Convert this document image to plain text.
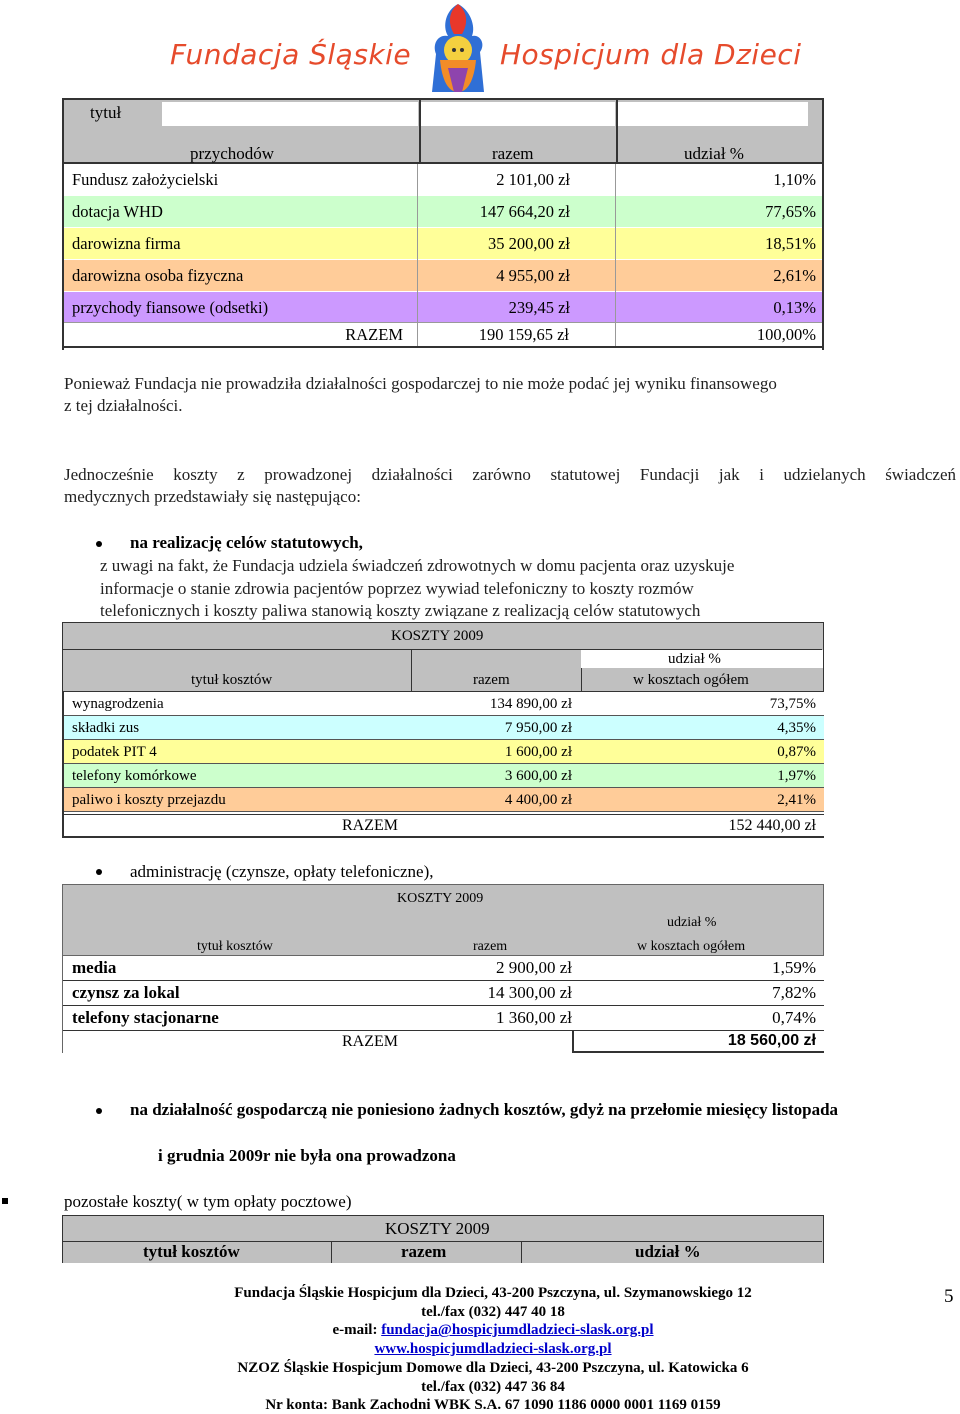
Fundacja Śląskie	Hospicjum dla Dzieci
tytuł
przychodów	razem	udział %
Fundusz założycielski	2 101,00 zł	1,10%
dotacja WHD	147 664,20 zł	77,65%
darowizna firma	35 200,00 zł	18,51%
darowizna osoba fizyczna	4 955,00 zł	2,61%
przychody fiansowe (odsetki)	239,45 zł	0,13%
RAZEM	190 159,65 zł	100,00%
Ponieważ Fundacja nie prowadziła działalności gospodarczej to nie może podać jej wyniku finansowego
z tej działalności.
Jednocześnie koszty z prowadzonej działalności zarówno statutowej Fundacji jak i udzielanych świadczeń
medycznych przedstawiały się następująco:
na realizację celów statutowych,
z uwagi na fakt, że Fundacja udziela świadczeń zdrowotnych w domu pacjenta oraz uzyskuje
informacje o stanie zdrowia pacjentów poprzez wywiad telefoniczny to koszty rozmów
telefonicznych i koszty paliwa stanowią koszty związane z realizacją celów statutowych
KOSZTY 2009
tytuł kosztów	razem
udział %
w kosztach ogółem
wynagrodzenia	134 890,00 zł	73,75%
składki zus	7 950,00 zł	4,35%
podatek PIT 4	1 600,00 zł	0,87%
telefony komórkowe	3 600,00 zł	1,97%
paliwo i koszty przejazdu	4 400,00 zł	2,41%
RAZEM	152 440,00 zł
administrację (czynsze, opłaty telefoniczne),
KOSZTY 2009
tytuł kosztów	razem
udział %
w kosztach ogółem
media	2 900,00 zł	1,59%
czynsz za lokal	14 300,00 zł	7,82%
telefony stacjonarne	1 360,00 zł	0,74%
RAZEM	18 560,00 zł
na działalność gospodarczą nie poniesiono żadnych kosztów, gdyż na przełomie miesięcy listopada
i grudnia 2009r nie była ona prowadzona
pozostałe koszty( w tym opłaty pocztowe)
KOSZTY 2009
tytuł kosztów	razem	udział %
Fundacja Śląskie Hospicjum dla Dzieci, 43-200 Pszczyna, ul. Szymanowskiego 12
tel./fax (032) 447 40 18
e-mail: fundacja@hospicjumdladzieci-slask.org.pl
www.hospicjumdladzieci-slask.org.pl
NZOZ Śląskie Hospicjum Domowe dla Dzieci, 43-200 Pszczyna, ul. Katowicka 6
tel./fax (032) 447 36 84
Nr konta: Bank Zachodni WBK S.A. 67 1090 1186 0000 0001 1169 0159
5
